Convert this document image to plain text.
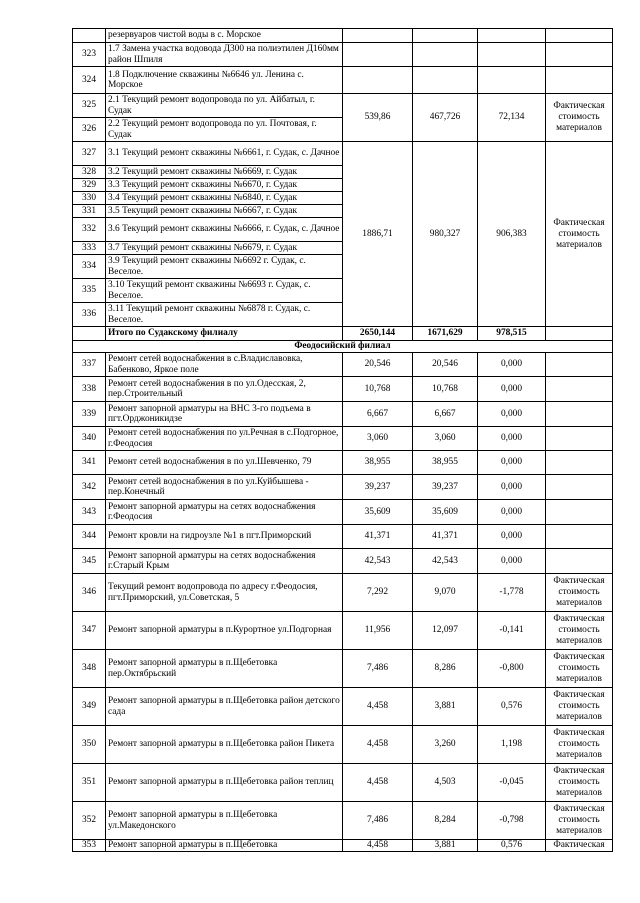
	резервуаров чистой воды в с. Морское				
323	1.7 Замена участка водовода Д300 на полиэтилен Д160мм район Шпиля				
324	1.8 Подключение скважины №6646 ул. Ленина с. Морское				
325	2.1 Текущий ремонт водопровода по ул. Айбатыл, г. Судак	539,86	467,726	72,134	Фактическая стоимость материалов
326	2.2 Текущий ремонт водопровода по ул. Почтовая, г. Судак				
327	3.1 Текущий ремонт скважины №6661, г. Судак, с. Дачное	1886,71	980,327	906,383	Фактическая стоимость материалов
328	3.2 Текущий ремонт скважины №6669, г. Судак				
329	3.3 Текущий ремонт скважины №6670, г. Судак				
330	3.4 Текущий ремонт скважины №6840, г. Судак				
331	3.5 Текущий ремонт скважины №6667, г. Судак				
332	3.6 Текущий ремонт скважины №6666, г. Судак, с. Дачное				
333	3.7 Текущий ремонт скважины №6679, г. Судак				
334	3.9 Текущий ремонт скважины №6692 г. Судак, с. Веселое.				
335	3.10 Текущий ремонт скважины №6693 г. Судак, с. Веселое.				
336	3.11 Текущий ремонт скважины №6878 г. Судак, с. Веселое.				
	Итого по Судакскому филиалу	2650,144	1671,629	978,515	
Феодосийский филиал					
337	Ремонт сетей водоснабжения в с.Владиславовка, Бабенково, Яркое поле	20,546	20,546	0,000	
338	Ремонт сетей водоснабжения в по ул.Одесская, 2, пер.Строительный	10,768	10,768	0,000	
339	Ремонт запорной арматуры на ВНС 3-го подъема в пгт.Орджоникидзе	6,667	6,667	0,000	
340	Ремонт сетей водоснабжения по ул.Речная в с.Подгорное, г.Феодосия	3,060	3,060	0,000	
341	Ремонт сетей водоснабжения в по ул.Шевченко, 79	38,955	38,955	0,000	
342	Ремонт сетей водоснабжения в по ул.Куйбышева - пер.Конечный	39,237	39,237	0,000	
343	Ремонт запорной арматуры на сетях водоснабжения г.Феодосия	35,609	35,609	0,000	
344	Ремонт кровли на гидроузле №1 в пгт.Приморский	41,371	41,371	0,000	
345	Ремонт запорной арматуры на сетях водоснабжения г.Старый Крым	42,543	42,543	0,000	
346	Текущий ремонт водопровода по адресу г.Феодосия, пгт.Приморский, ул.Советская, 5	7,292	9,070	-1,778	Фактическая стоимость материалов
347	Ремонт запорной арматуры в п.Курортное ул.Подгорная	11,956	12,097	-0,141	Фактическая стоимость материалов
348	Ремонт запорной арматуры в п.Щебетовка пер.Октябрьский	7,486	8,286	-0,800	Фактическая стоимость материалов
349	Ремонт запорной арматуры в п.Щебетовка район детского сада	4,458	3,881	0,576	Фактическая стоимость материалов
350	Ремонт запорной арматуры в п.Щебетовка район Пикета	4,458	3,260	1,198	Фактическая стоимость материалов
351	Ремонт запорной арматуры в п.Щебетовка район теплиц	4,458	4,503	-0,045	Фактическая стоимость материалов
352	Ремонт запорной арматуры в п.Щебетовка ул.Македонского	7,486	8,284	-0,798	Фактическая стоимость материалов
353	Ремонт запорной арматуры в п.Щебетовка	4,458	3,881	0,576	Фактическая
